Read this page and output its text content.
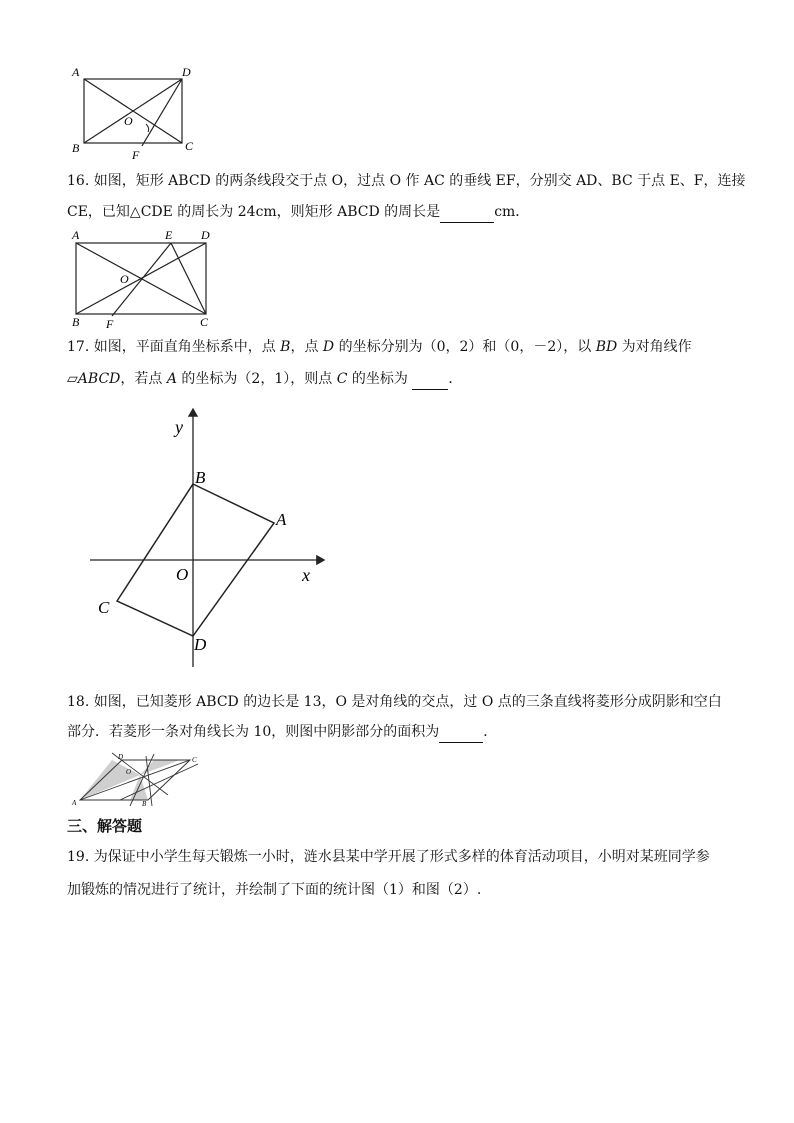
A	D
B	C
O
F
16. 如图，矩形 ABCD 的两条线段交于点 O，过点 O 作 AC 的垂线 EF，分别交 AD、BC 于点 E、F，连接
CE，已知△CDE 的周长为 24cm，则矩形 ABCD 的周长是	cm．
A	E D
O
B F	C
17. 如图，平面直角坐标系中，点 B，点 D 的坐标分别为（0，2）和（0，－2），以 BD 为对角线作
▱ABCD，若点 A 的坐标为（2，1），则点 C 的坐标为	．
y
x
O
B
A
C
D
18. 如图，已知菱形 ABCD 的边长是 13，O 是对角线的交点，过 O 点的三条直线将菱形分成阴影和空白
部分．若菱形一条对角线长为 10，则图中阴影部分的面积为	．
D	C
O
A	B
三、解答题
19. 为保证中小学生每天锻炼一小时，涟水县某中学开展了形式多样的体育活动项目，小明对某班同学参
加锻炼的情况进行了统计，并绘制了下面的统计图（1）和图（2）.
